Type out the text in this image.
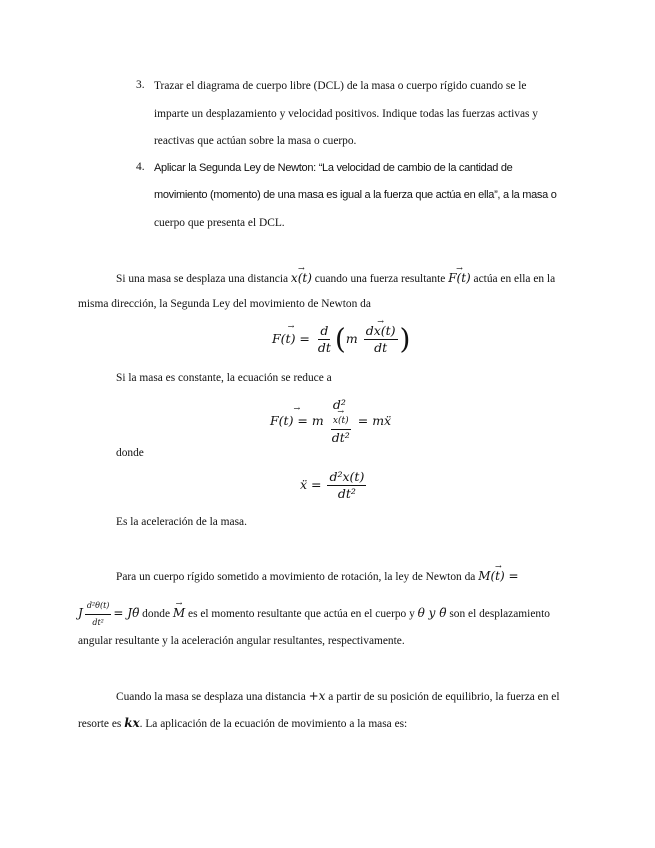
3. Trazar el diagrama de cuerpo libre (DCL) de la masa o cuerpo rígido cuando se le
imparte un desplazamiento y velocidad positivos. Indique todas las fuerzas activas y
reactivas que actúan sobre la masa o cuerpo.
4. Aplicar la Segunda Ley de Newton: “La velocidad de cambio de la cantidad de
movimiento (momento) de una masa es igual a la fuerza que actúa en ella”, a la masa o
cuerpo que presenta el DCL.
Si una masa se desplaza una distancia → x(t) cuando una fuerza resultante → F(t) actúa en ella en la
misma dirección, la Segunda Ley del movimiento de Newton da
→ $F(t) = \frac{d}{dt} (m$
→ $\frac{dx(t)}{dt}$ )
Si la masa es constante, la ecuación se reduce a
→ F(t) = m
d²
→ x(t)
dt²
= mẍ
donde
ẍ = $\frac{\text{d²x(t)}}{\text{dt²}}$
Es la aceleración de la masa.
Para un cuerpo rígido sometido a movimiento de rotación, la ley de Newton da → M(t) =
J $\frac{\text{d²θ(t)}}{\text{dt²}}$ = Jθ̈ donde → M es el momento resultante que actúa en el cuerpo y θ y θ̈ son el desplazamiento
angular resultante y la aceleración angular resultantes, respectivamente.
Cuando la masa se desplaza una distancia +x a partir de su posición de equilibrio, la fuerza en el
resorte es kx. La aplicación de la ecuación de movimiento a la masa es:
